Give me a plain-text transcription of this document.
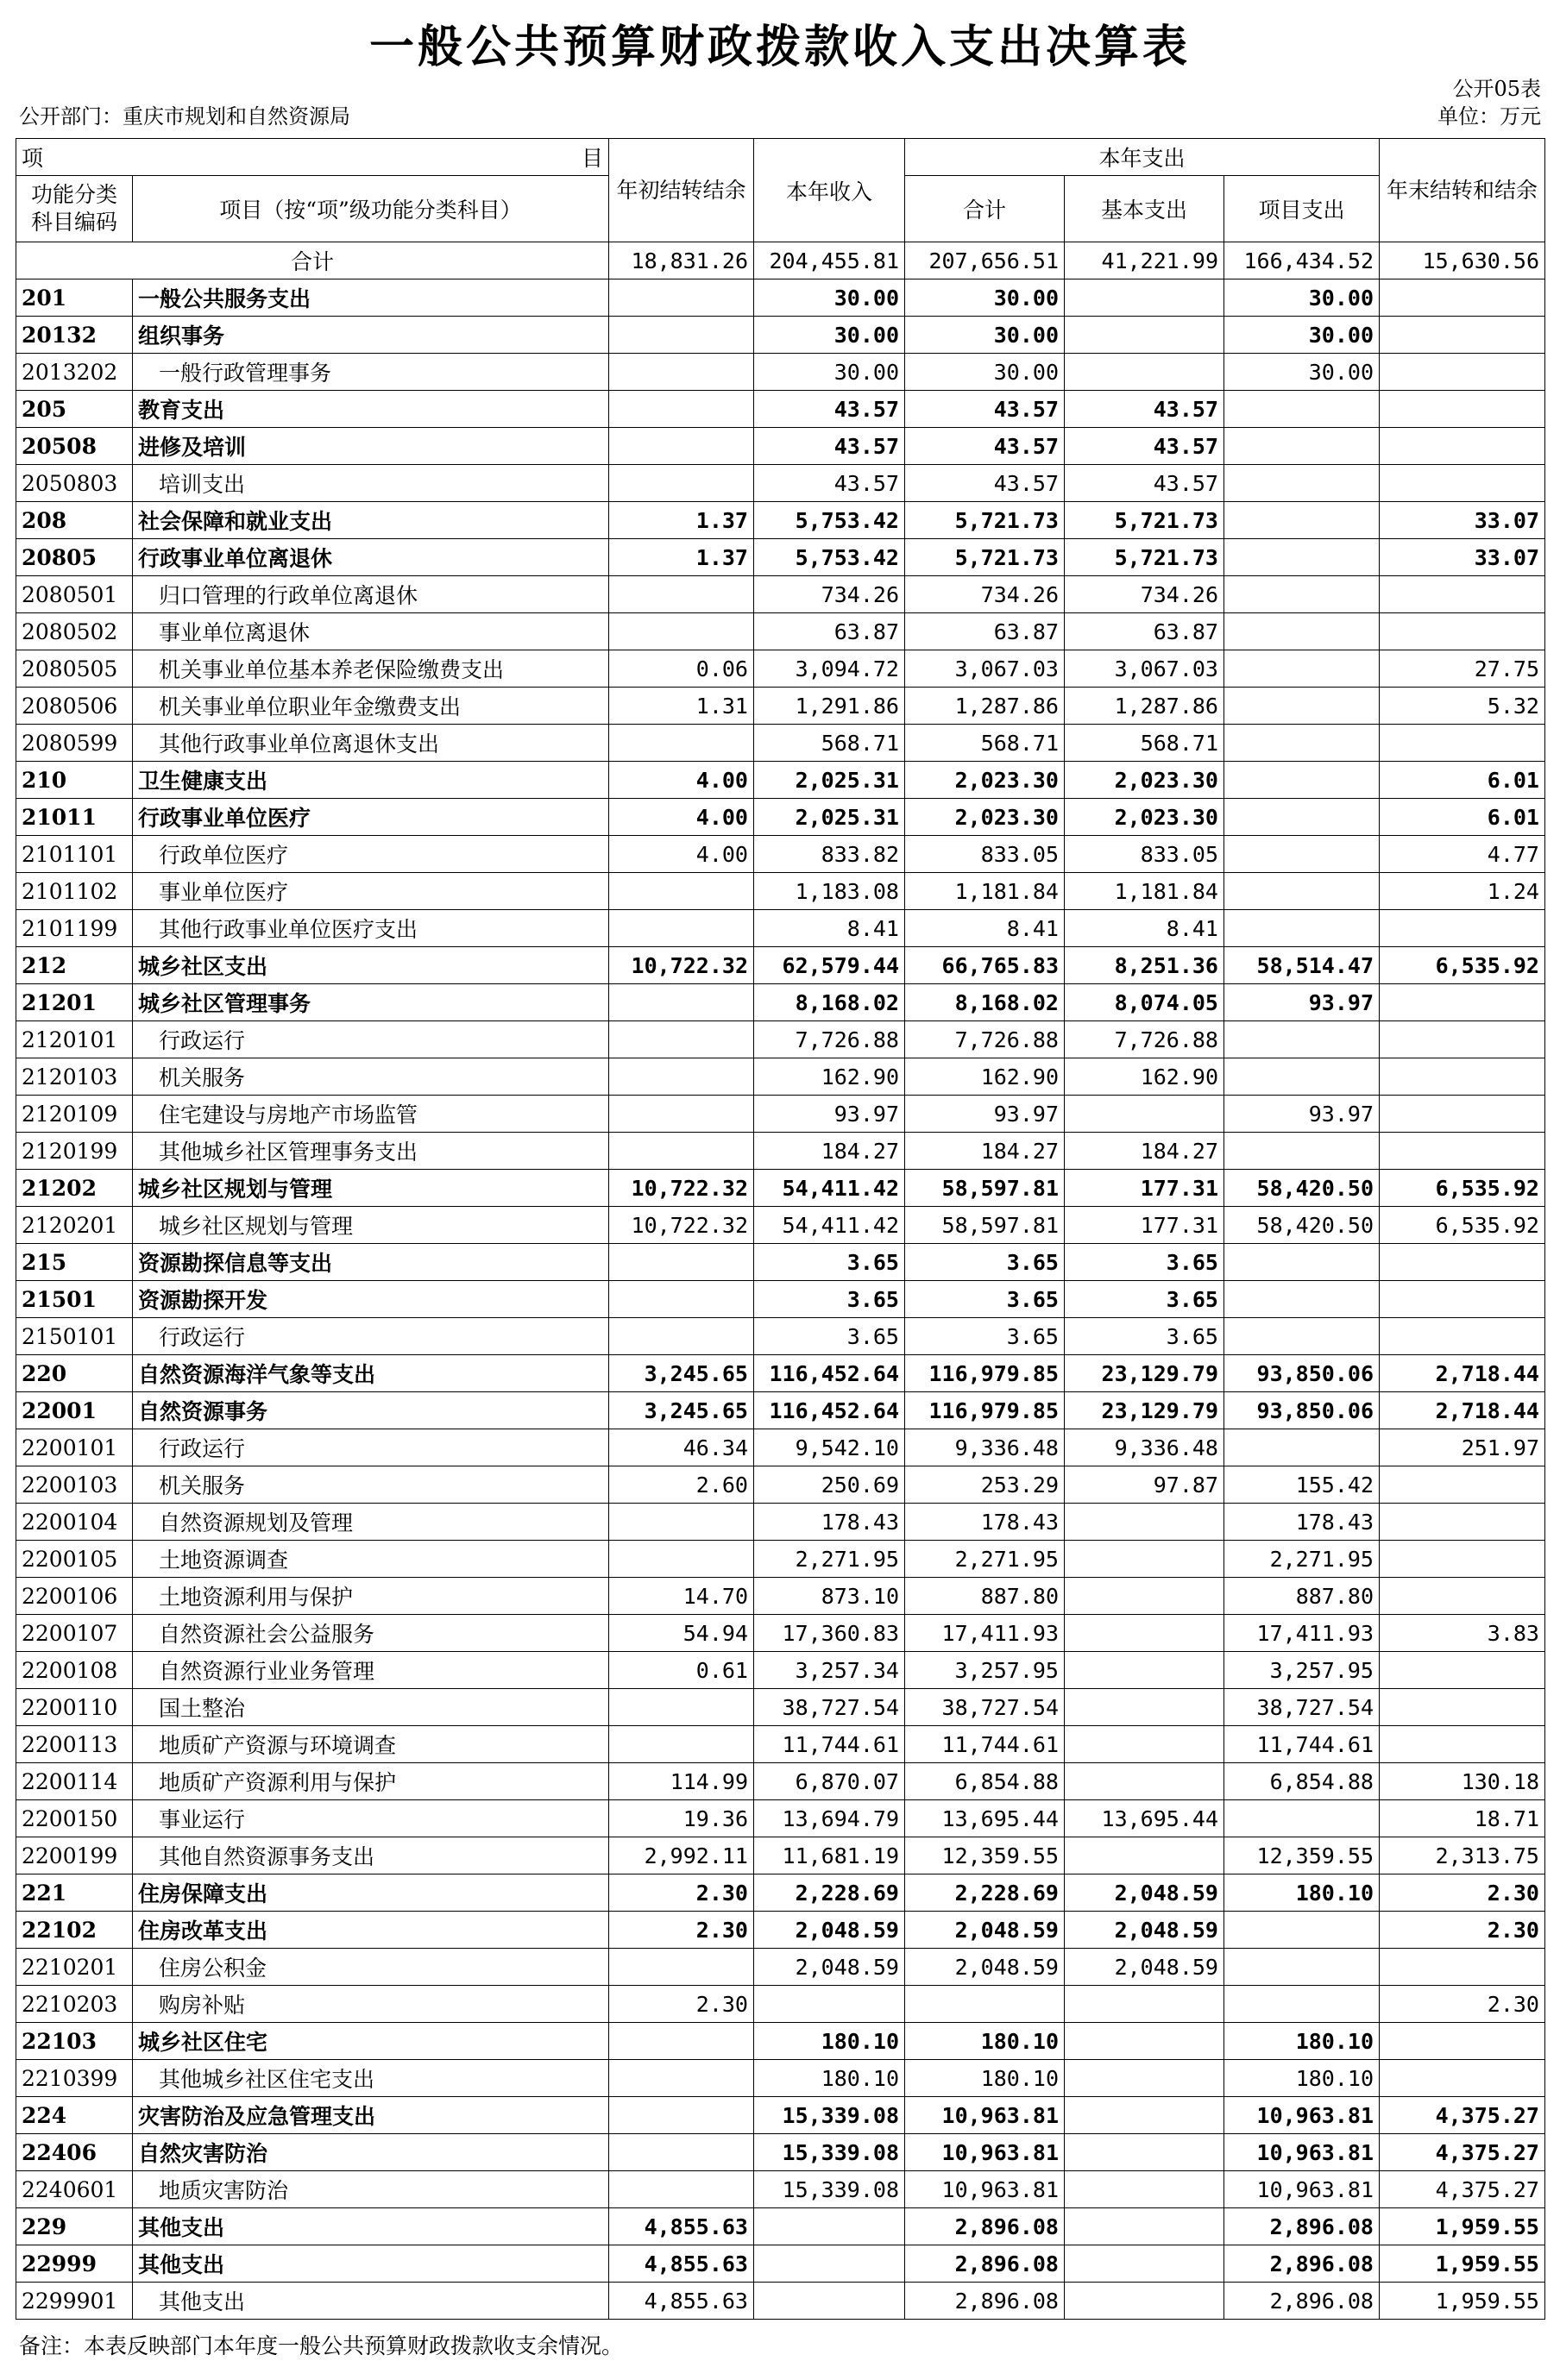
一般公共预算财政拨款收入支出决算表
公开05表
公开部门：重庆市规划和自然资源局	单位：万元
项 目		年初结转结余	本年收入	本年支出			年末结转和结余
功能分类科目编码	项目（按“项”级功能分类科目）			合计	基本支出	项目支出	
合计		18,831.26	204,455.81	207,656.51	41,221.99	166,434.52	15,630.56
201	一般公共服务支出		30.00	30.00		30.00	
20132	组织事务		30.00	30.00		30.00	
2013202	一般行政管理事务		30.00	30.00		30.00	
205	教育支出		43.57	43.57	43.57		
20508	进修及培训		43.57	43.57	43.57		
2050803	培训支出		43.57	43.57	43.57		
208	社会保障和就业支出	1.37	5,753.42	5,721.73	5,721.73		33.07
20805	行政事业单位离退休	1.37	5,753.42	5,721.73	5,721.73		33.07
2080501	归口管理的行政单位离退休		734.26	734.26	734.26		
2080502	事业单位离退休		63.87	63.87	63.87		
2080505	机关事业单位基本养老保险缴费支出	0.06	3,094.72	3,067.03	3,067.03		27.75
2080506	机关事业单位职业年金缴费支出	1.31	1,291.86	1,287.86	1,287.86		5.32
2080599	其他行政事业单位离退休支出		568.71	568.71	568.71		
210	卫生健康支出	4.00	2,025.31	2,023.30	2,023.30		6.01
21011	行政事业单位医疗	4.00	2,025.31	2,023.30	2,023.30		6.01
2101101	行政单位医疗	4.00	833.82	833.05	833.05		4.77
2101102	事业单位医疗		1,183.08	1,181.84	1,181.84		1.24
2101199	其他行政事业单位医疗支出		8.41	8.41	8.41		
212	城乡社区支出	10,722.32	62,579.44	66,765.83	8,251.36	58,514.47	6,535.92
21201	城乡社区管理事务		8,168.02	8,168.02	8,074.05	93.97	
2120101	行政运行		7,726.88	7,726.88	7,726.88		
2120103	机关服务		162.90	162.90	162.90		
2120109	住宅建设与房地产市场监管		93.97	93.97		93.97	
2120199	其他城乡社区管理事务支出		184.27	184.27	184.27		
21202	城乡社区规划与管理	10,722.32	54,411.42	58,597.81	177.31	58,420.50	6,535.92
2120201	城乡社区规划与管理	10,722.32	54,411.42	58,597.81	177.31	58,420.50	6,535.92
215	资源勘探信息等支出		3.65	3.65	3.65		
21501	资源勘探开发		3.65	3.65	3.65		
2150101	行政运行		3.65	3.65	3.65		
220	自然资源海洋气象等支出	3,245.65	116,452.64	116,979.85	23,129.79	93,850.06	2,718.44
22001	自然资源事务	3,245.65	116,452.64	116,979.85	23,129.79	93,850.06	2,718.44
2200101	行政运行	46.34	9,542.10	9,336.48	9,336.48		251.97
2200103	机关服务	2.60	250.69	253.29	97.87	155.42	
2200104	自然资源规划及管理		178.43	178.43		178.43	
2200105	土地资源调查		2,271.95	2,271.95		2,271.95	
2200106	土地资源利用与保护	14.70	873.10	887.80		887.80	
2200107	自然资源社会公益服务	54.94	17,360.83	17,411.93		17,411.93	3.83
2200108	自然资源行业业务管理	0.61	3,257.34	3,257.95		3,257.95	
2200110	国土整治		38,727.54	38,727.54		38,727.54	
2200113	地质矿产资源与环境调查		11,744.61	11,744.61		11,744.61	
2200114	地质矿产资源利用与保护	114.99	6,870.07	6,854.88		6,854.88	130.18
2200150	事业运行	19.36	13,694.79	13,695.44	13,695.44		18.71
2200199	其他自然资源事务支出	2,992.11	11,681.19	12,359.55		12,359.55	2,313.75
221	住房保障支出	2.30	2,228.69	2,228.69	2,048.59	180.10	2.30
22102	住房改革支出	2.30	2,048.59	2,048.59	2,048.59		2.30
2210201	住房公积金		2,048.59	2,048.59	2,048.59		
2210203	购房补贴	2.30					2.30
22103	城乡社区住宅		180.10	180.10		180.10	
2210399	其他城乡社区住宅支出		180.10	180.10		180.10	
224	灾害防治及应急管理支出		15,339.08	10,963.81		10,963.81	4,375.27
22406	自然灾害防治		15,339.08	10,963.81		10,963.81	4,375.27
2240601	地质灾害防治		15,339.08	10,963.81		10,963.81	4,375.27
229	其他支出	4,855.63		2,896.08		2,896.08	1,959.55
22999	其他支出	4,855.63		2,896.08		2,896.08	1,959.55
2299901	其他支出	4,855.63		2,896.08		2,896.08	1,959.55
备注：本表反映部门本年度一般公共预算财政拨款收支余情况。
